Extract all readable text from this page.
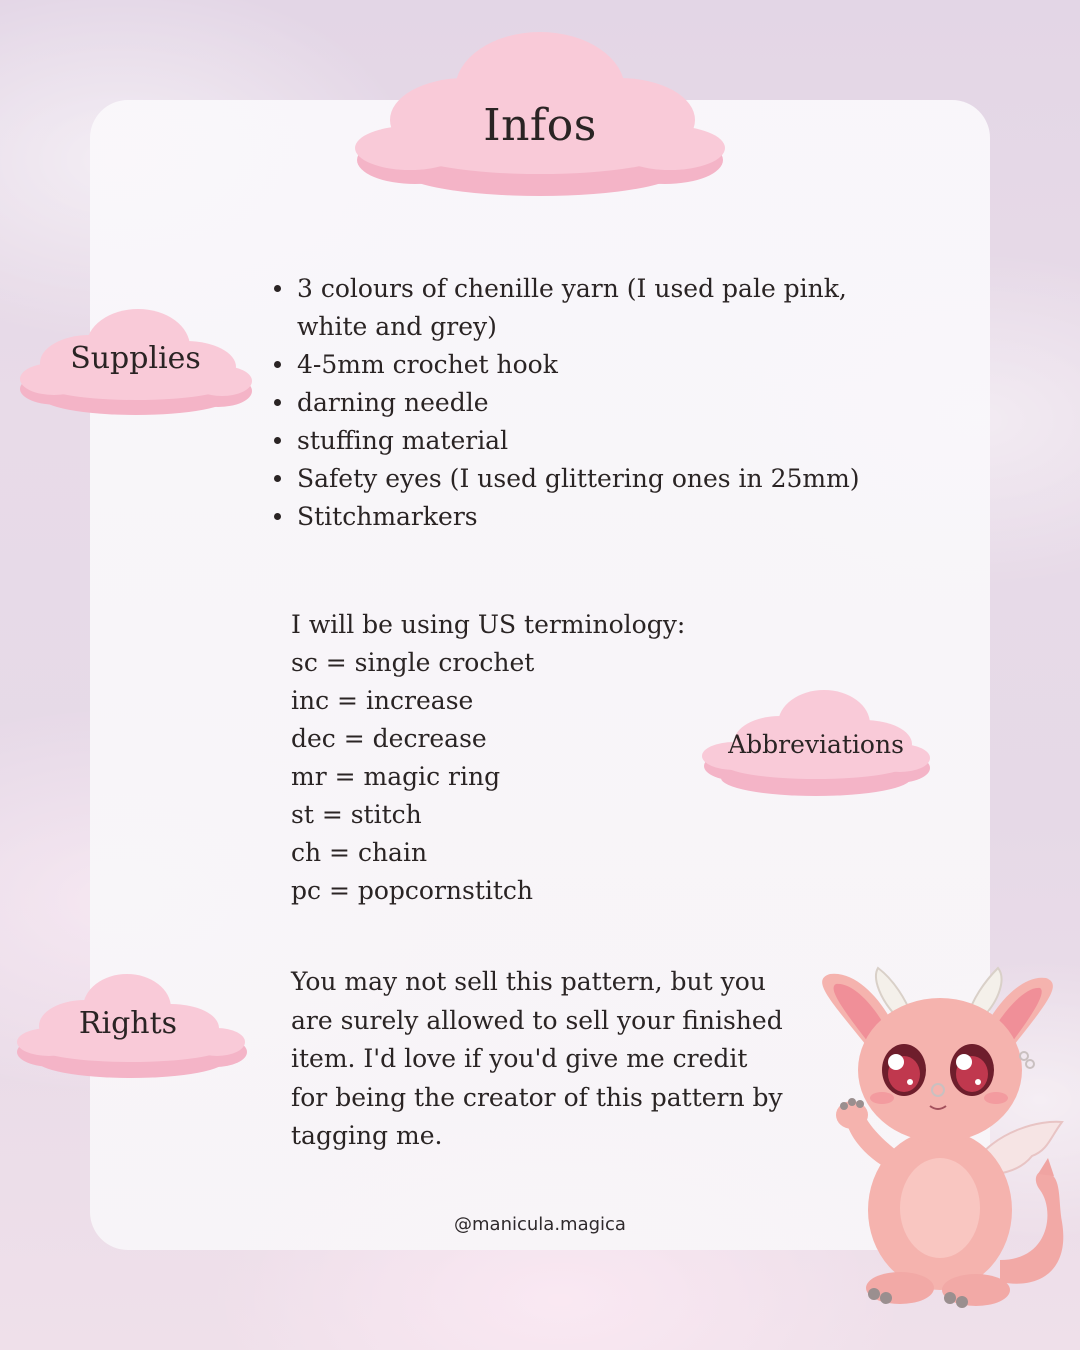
Infos
Supplies
3 colours of chenille yarn (I used pale pink, white and grey)
4-5mm crochet hook
darning needle
stuffing material
Safety eyes (I used glittering ones in 25mm)
Stitchmarkers
I will be using US terminology:
sc = single crochet
inc = increase
dec = decrease
mr = magic ring
st = stitch
ch = chain
pc = popcornstitch
Abbreviations
Rights

You may not sell this pattern, but you are surely allowed to sell your finished item. I'd love if you'd give me credit for being the creator of this pattern by tagging me.

@manicula.magica
